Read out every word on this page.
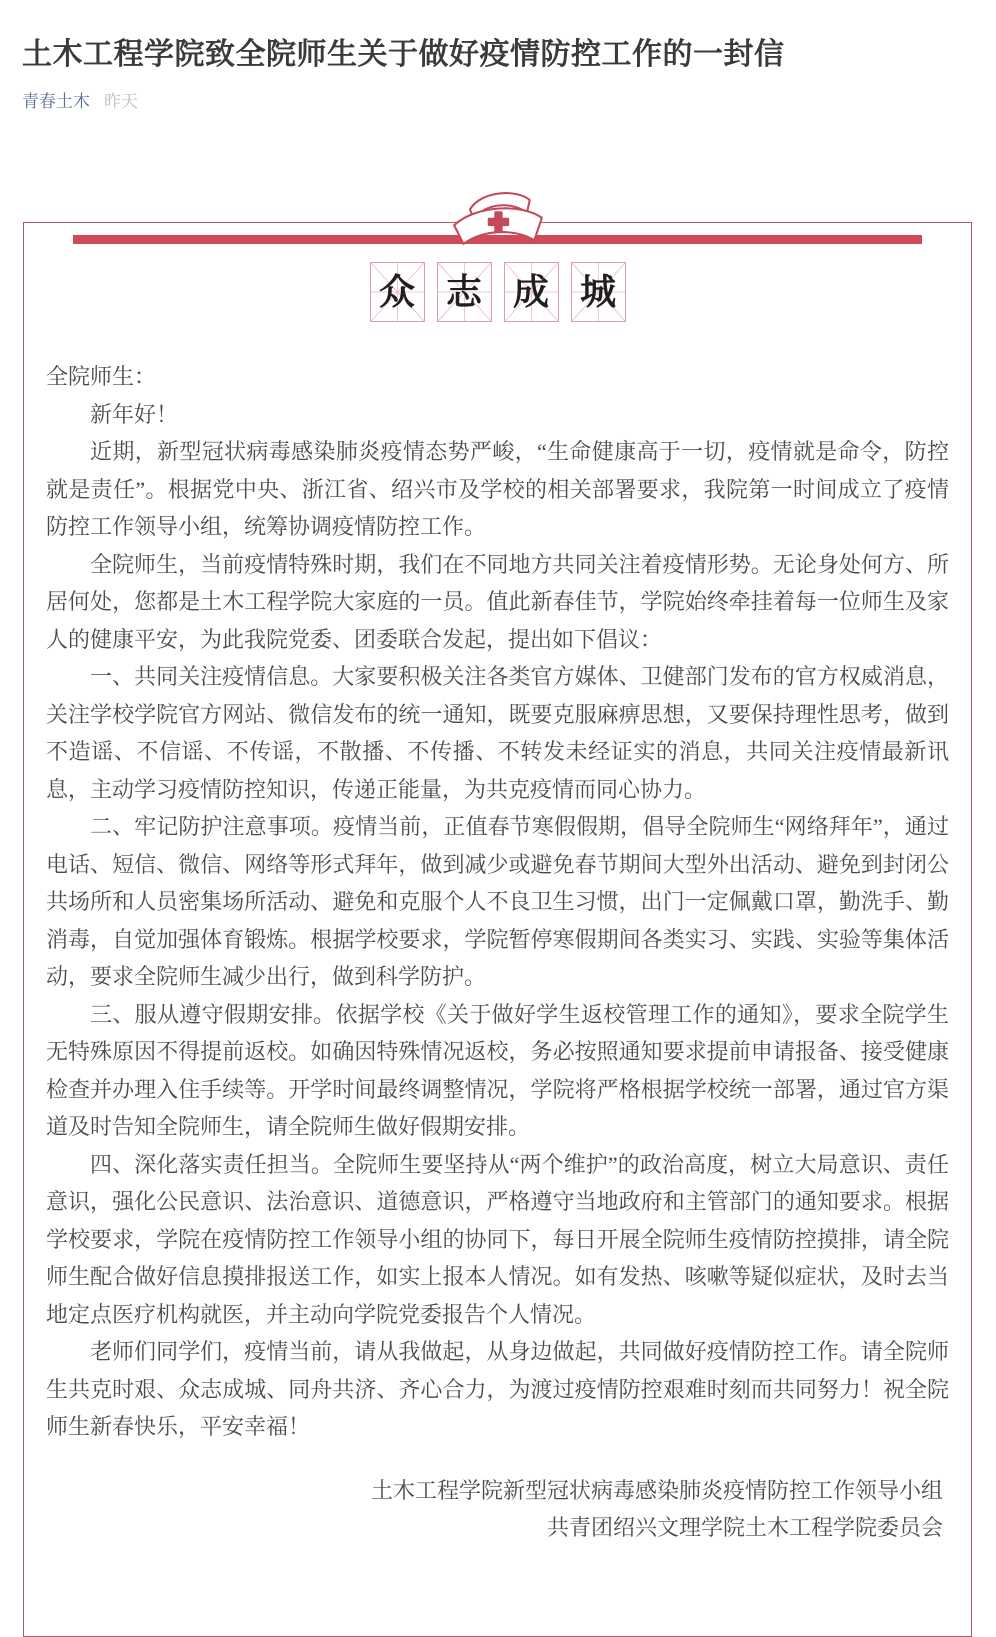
土木工程学院致全院师生关于做好疫情防控工作的一封信
青春土木 昨天
众 志 成 城

全院师生：

新年好！

近期，新型冠状病毒感染肺炎疫情态势严峻，“生命健康高于一切，疫情就是命令，防控就是责任”。根据党中央、浙江省、绍兴市及学校的相关部署要求，我院第一时间成立了疫情防控工作领导小组，统筹协调疫情防控工作。

全院师生，当前疫情特殊时期，我们在不同地方共同关注着疫情形势。无论身处何方、所居何处，您都是土木工程学院大家庭的一员。值此新春佳节，学院始终牵挂着每一位师生及家人的健康平安，为此我院党委、团委联合发起，提出如下倡议：

一、共同关注疫情信息。大家要积极关注各类官方媒体、卫健部门发布的官方权威消息，关注学校学院官方网站、微信发布的统一通知，既要克服麻痹思想，又要保持理性思考，做到不造谣、不信谣、不传谣，不散播、不传播、不转发未经证实的消息，共同关注疫情最新讯息，主动学习疫情防控知识，传递正能量，为共克疫情而同心协力。

二、牢记防护注意事项。疫情当前，正值春节寒假假期，倡导全院师生“网络拜年”，通过电话、短信、微信、网络等形式拜年，做到减少或避免春节期间大型外出活动、避免到封闭公共场所和人员密集场所活动、避免和克服个人不良卫生习惯，出门一定佩戴口罩，勤洗手、勤消毒，自觉加强体育锻炼。根据学校要求，学院暂停寒假期间各类实习、实践、实验等集体活动，要求全院师生减少出行，做到科学防护。

三、服从遵守假期安排。依据学校《关于做好学生返校管理工作的通知》，要求全院学生无特殊原因不得提前返校。如确因特殊情况返校，务必按照通知要求提前申请报备、接受健康检查并办理入住手续等。开学时间最终调整情况，学院将严格根据学校统一部署，通过官方渠道及时告知全院师生，请全院师生做好假期安排。

四、深化落实责任担当。全院师生要坚持从“两个维护”的政治高度，树立大局意识、责任意识，强化公民意识、法治意识、道德意识，严格遵守当地政府和主管部门的通知要求。根据学校要求，学院在疫情防控工作领导小组的协同下，每日开展全院师生疫情防控摸排，请全院师生配合做好信息摸排报送工作，如实上报本人情况。如有发热、咳嗽等疑似症状，及时去当地定点医疗机构就医，并主动向学院党委报告个人情况。

老师们同学们，疫情当前，请从我做起，从身边做起，共同做好疫情防控工作。请全院师生共克时艰、众志成城、同舟共济、齐心合力，为渡过疫情防控艰难时刻而共同努力！祝全院师生新春快乐，平安幸福！

土木工程学院新型冠状病毒感染肺炎疫情防控工作领导小组

共青团绍兴文理学院土木工程学院委员会
